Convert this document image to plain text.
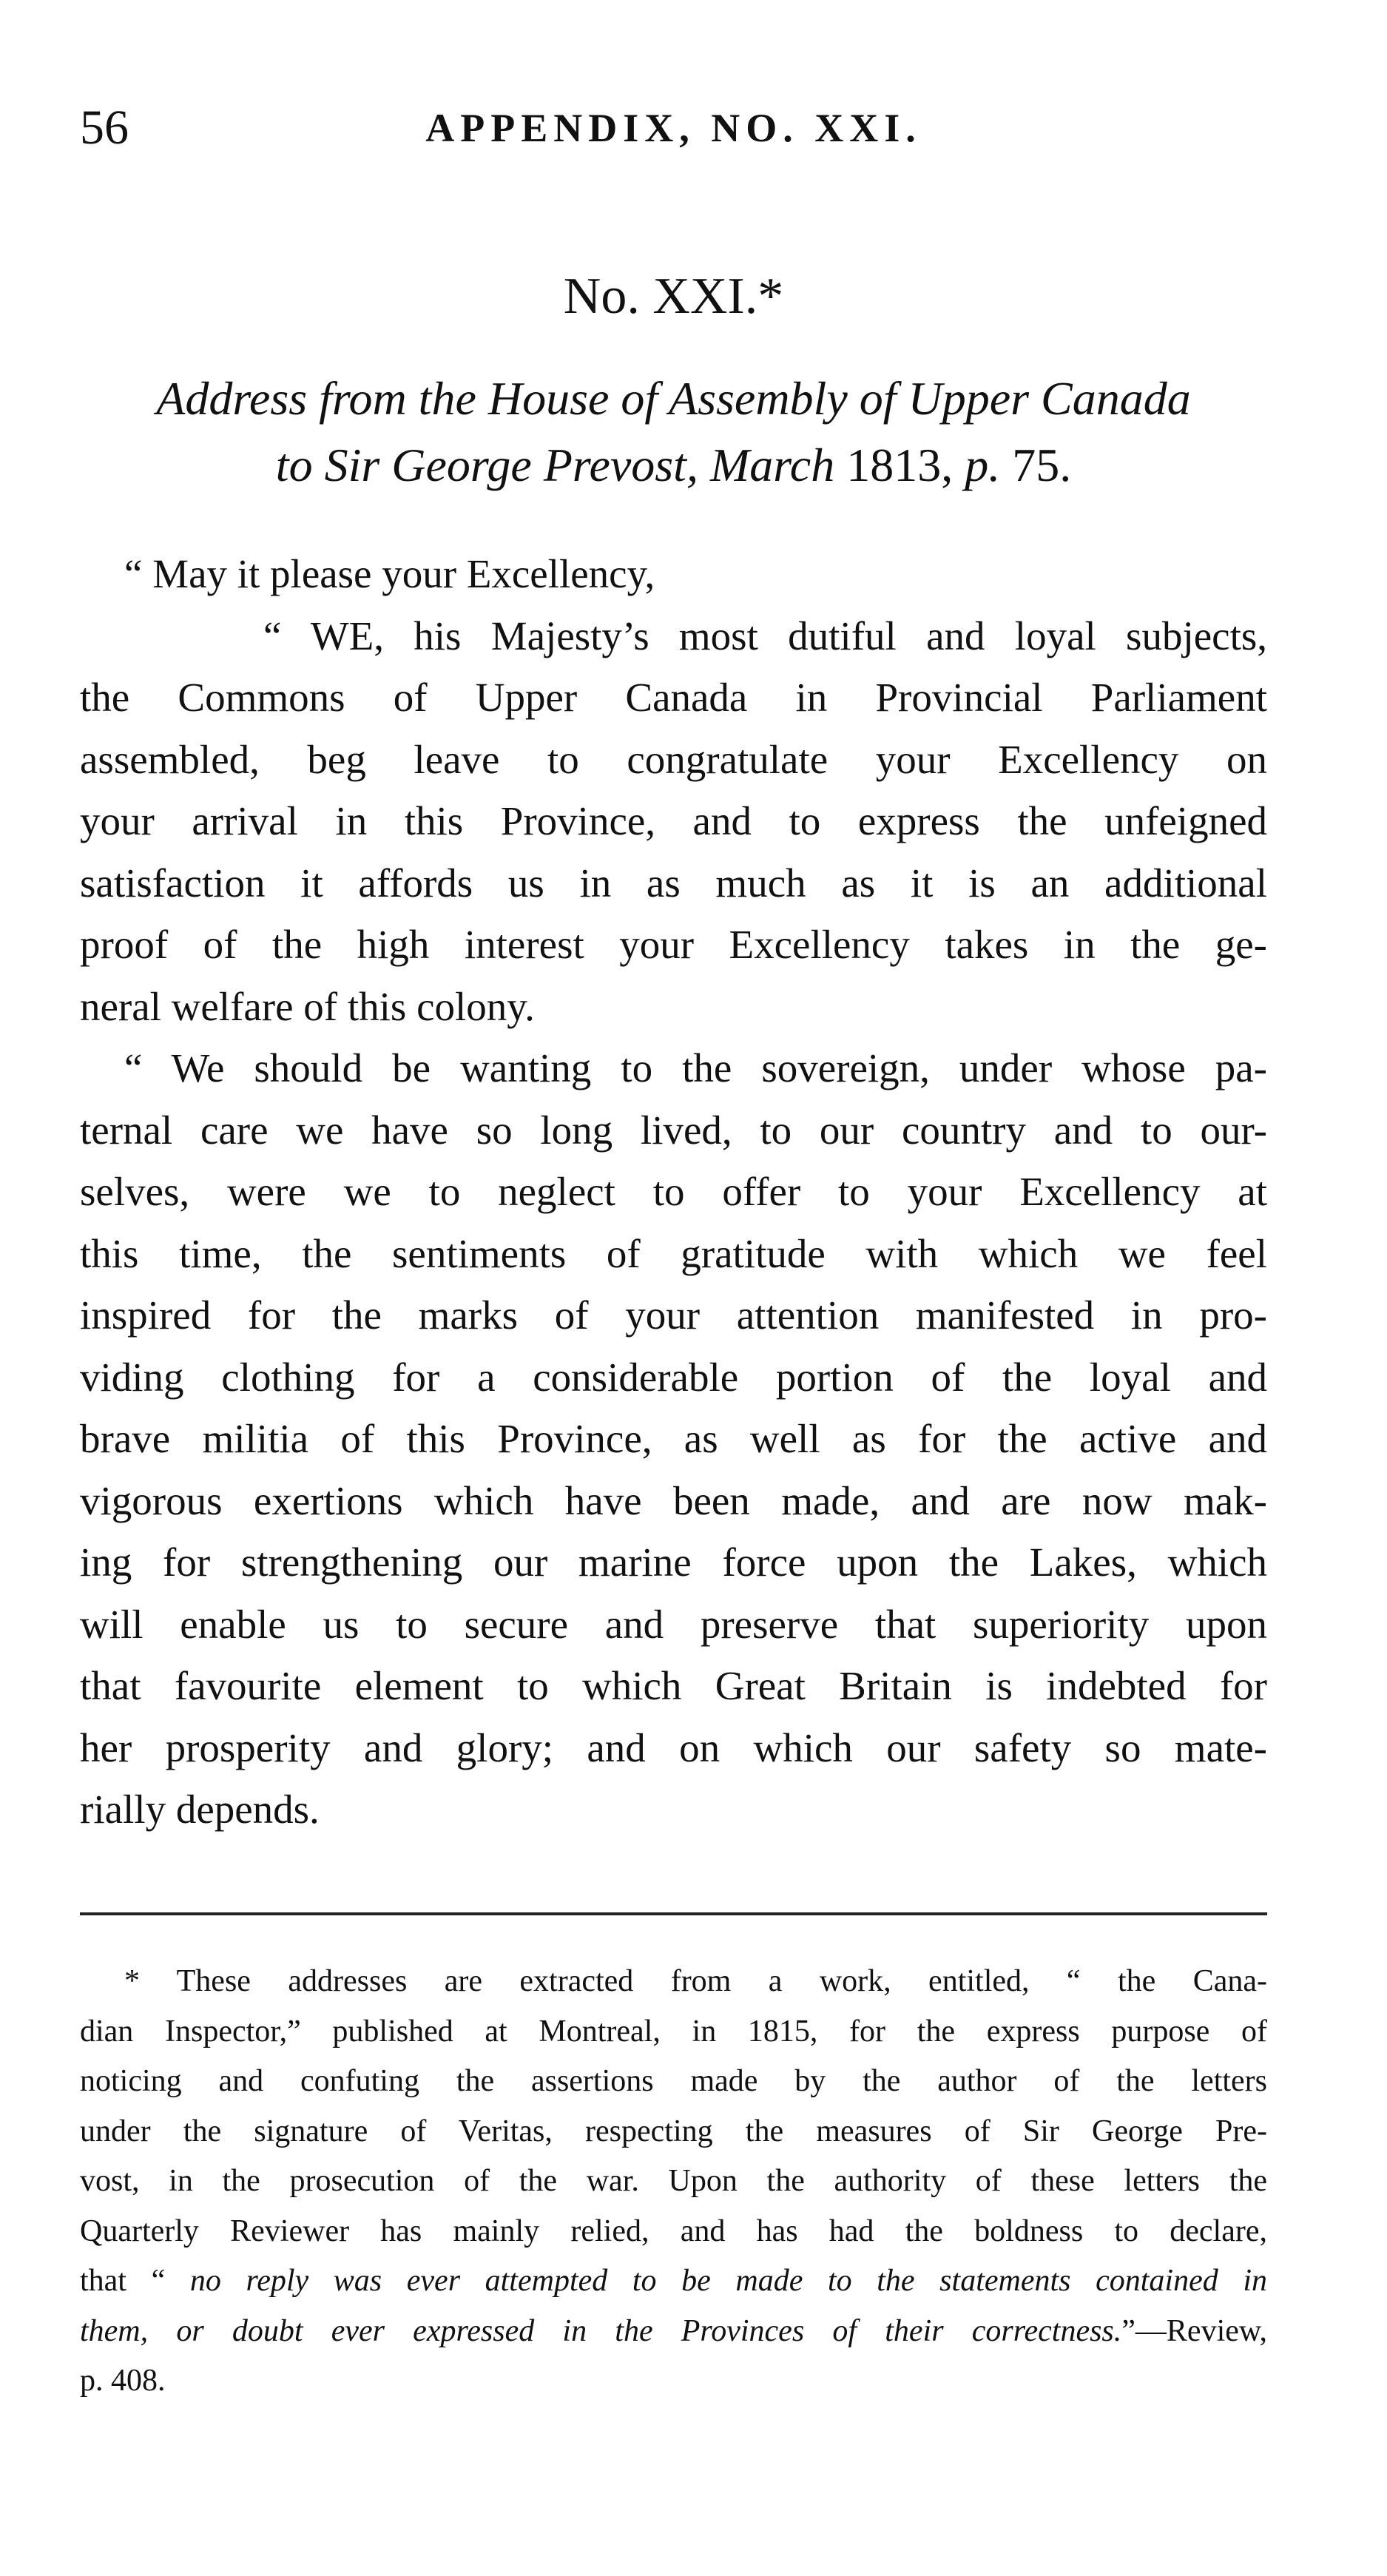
56	APPENDIX, NO. XXI.
No. XXI.*
Address from the House of Assembly of Upper Canada
to Sir George Prevost, March 1813, p. 75.
“ May it please your Excellency,
“ WE, his Majesty’s most dutiful and loyal subjects,
the Commons of Upper Canada in Provincial Parliament
assembled, beg leave to congratulate your Excellency on
your arrival in this Province, and to express the unfeigned
satisfaction it affords us in as much as it is an additional
proof of the high interest your Excellency takes in the ge-
neral welfare of this colony.
“ We should be wanting to the sovereign, under whose pa-
ternal care we have so long lived, to our country and to our-
selves, were we to neglect to offer to your Excellency at
this time, the sentiments of gratitude with which we feel
inspired for the marks of your attention manifested in pro-
viding clothing for a considerable portion of the loyal and
brave militia of this Province, as well as for the active and
vigorous exertions which have been made, and are now mak-
ing for strengthening our marine force upon the Lakes, which
will enable us to secure and preserve that superiority upon
that favourite element to which Great Britain is indebted for
her prosperity and glory; and on which our safety so mate-
rially depends.
* These addresses are extracted from a work, entitled, “ the Cana-
dian Inspector,” published at Montreal, in 1815, for the express purpose of
noticing and confuting the assertions made by the author of the letters
under the signature of Veritas, respecting the measures of Sir George Pre-
vost, in the prosecution of the war. Upon the authority of these letters the
Quarterly Reviewer has mainly relied, and has had the boldness to declare,
that “ no reply was ever attempted to be made to the statements contained in
them, or doubt ever expressed in the Provinces of their correctness.”—Review,
p. 408.
